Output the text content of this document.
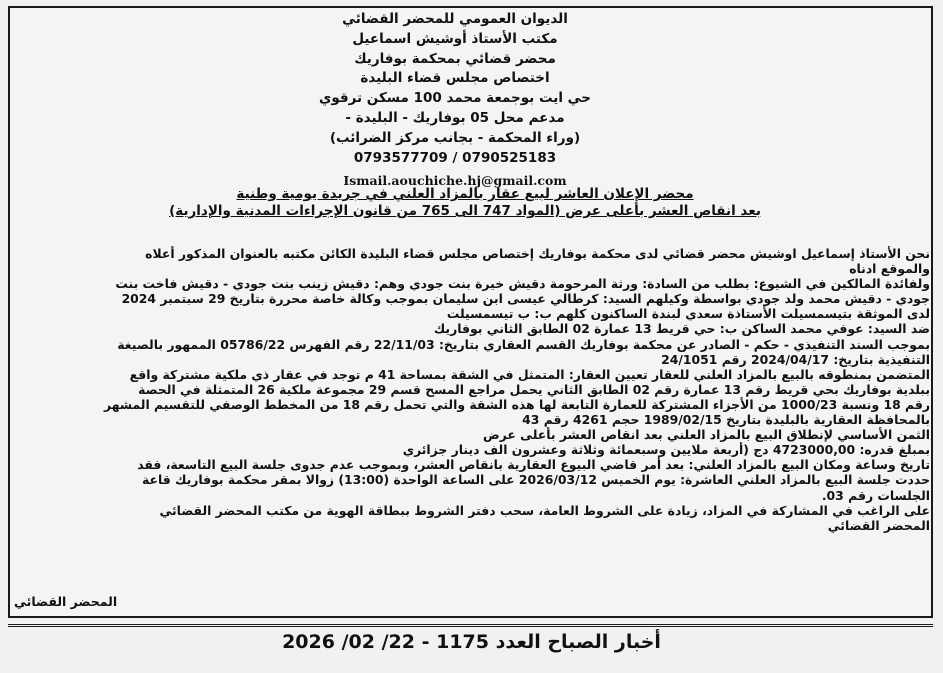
الديوان العمومي للمحضر القضائي
مكتب الأستاذ أوشيش اسماعيل
محضر قضائي بمحكمة بوفاريك
اختصاص مجلس قضاء البليدة
حي ايت بوجمعة محمد 100 مسكن ترقوي
مدعم محل 05 بوفاريك - البليدة -
(وراء المحكمة - بجانب مركز الضرائب)
0790525183 / 0793577709
Ismail.aouchiche.hj@gmail.com
محضر الإعلان العاشر لبيع عقار بالمزاد العلني في جريدة يومية وطنية
بعد انقاص العشر بأعلى عرض (المواد 747 الى 765 من قانون الإجراءات المدنية والإدارية)
نحن الأستاذ إسماعيل اوشيش محضر قضائي لدى محكمة بوفاريك إختصاص مجلس قضاء البليدة الكائن مكتبه بالعنوان المذكور أعلاه
والموقع ادناه
ولفائدة المالكين في الشيوع: بطلب من السادة: ورثة المرحومة دقيش خيرة بنت جودي وهم: دقيش زينب بنت جودي - دقيش فاخت بنت
جودي - دقيش محمد ولد جودي بواسطة وكيلهم السيد: كرطالي عيسى ابن سليمان بموجب وكالة خاصة محررة بتاريخ 29 سبتمبر 2024
لدى الموثقة بتيسمسيلت الأستاذة سعدي لبندة الساكنون كلهم ب: ب تيسمسيلت
ضد السيد: عوفي محمد الساكن ب: حي قريط 13 عمارة 02 الطابق الثاني بوفاريك
بموجب السند التنفيذي - حكم - الصادر عن محكمة بوفاريك القسم العقاري بتاريخ: 22/11/03 رقم الفهرس 05786/22 الممهور بالصيغة
التنفيذية بتاريخ: 2024/04/17 رقم 24/1051
المتضمن بمنطوقه بالبيع بالمزاد العلني للعقار تعيين العقار: المتمثل في الشقة بمساحة 41 م توجد في عقار ذي ملكية مشتركة واقع
ببلدية بوفاريك بحي قريط رقم 13 عمارة رقم 02 الطابق الثاني يحمل مراجع المسح قسم 29 مجموعة ملكية 26 المتمثلة في الحصة
رقم 18 ونسبة 1000/23 من الأجزاء المشتركة للعمارة التابعة لها هذه الشقة والتي تحمل رقم 18 من المخطط الوصفي للتقسيم المشهر
بالمحافظة العقارية بالبليدة بتاريخ 1989/02/15 حجم 4261 رقم 43
الثمن الأساسي لإنطلاق البيع بالمزاد العلني بعد انقاص العشر بأعلى عرض
بمبلغ قدره: 4723000,00 دج (أربعة ملايين وسبعمائة وثلاثة وعشرون الف دينار جزائري
تاريخ وساعة ومكان البيع بالمزاد العلني: بعد أمر قاضي البيوع العقارية بانقاص العشر، وبموجب عدم جدوى جلسة البيع التاسعة، فقد
حددت جلسة البيع بالمزاد العلني العاشرة: يوم الخميس 2026/03/12 على الساعة الواحدة (13:00) زوالا بمقر محكمة بوفاريك قاعة
الجلسات رقم 03.
على الراغب في المشاركة في المزاد، زيادة على الشروط العامة، سحب دفتر الشروط ببطاقة الهوية من مكتب المحضر القضائي
المحضر القضائي
المحضر القضائي
أخبار الصباح العدد 1175 - 22/ 02/ 2026
